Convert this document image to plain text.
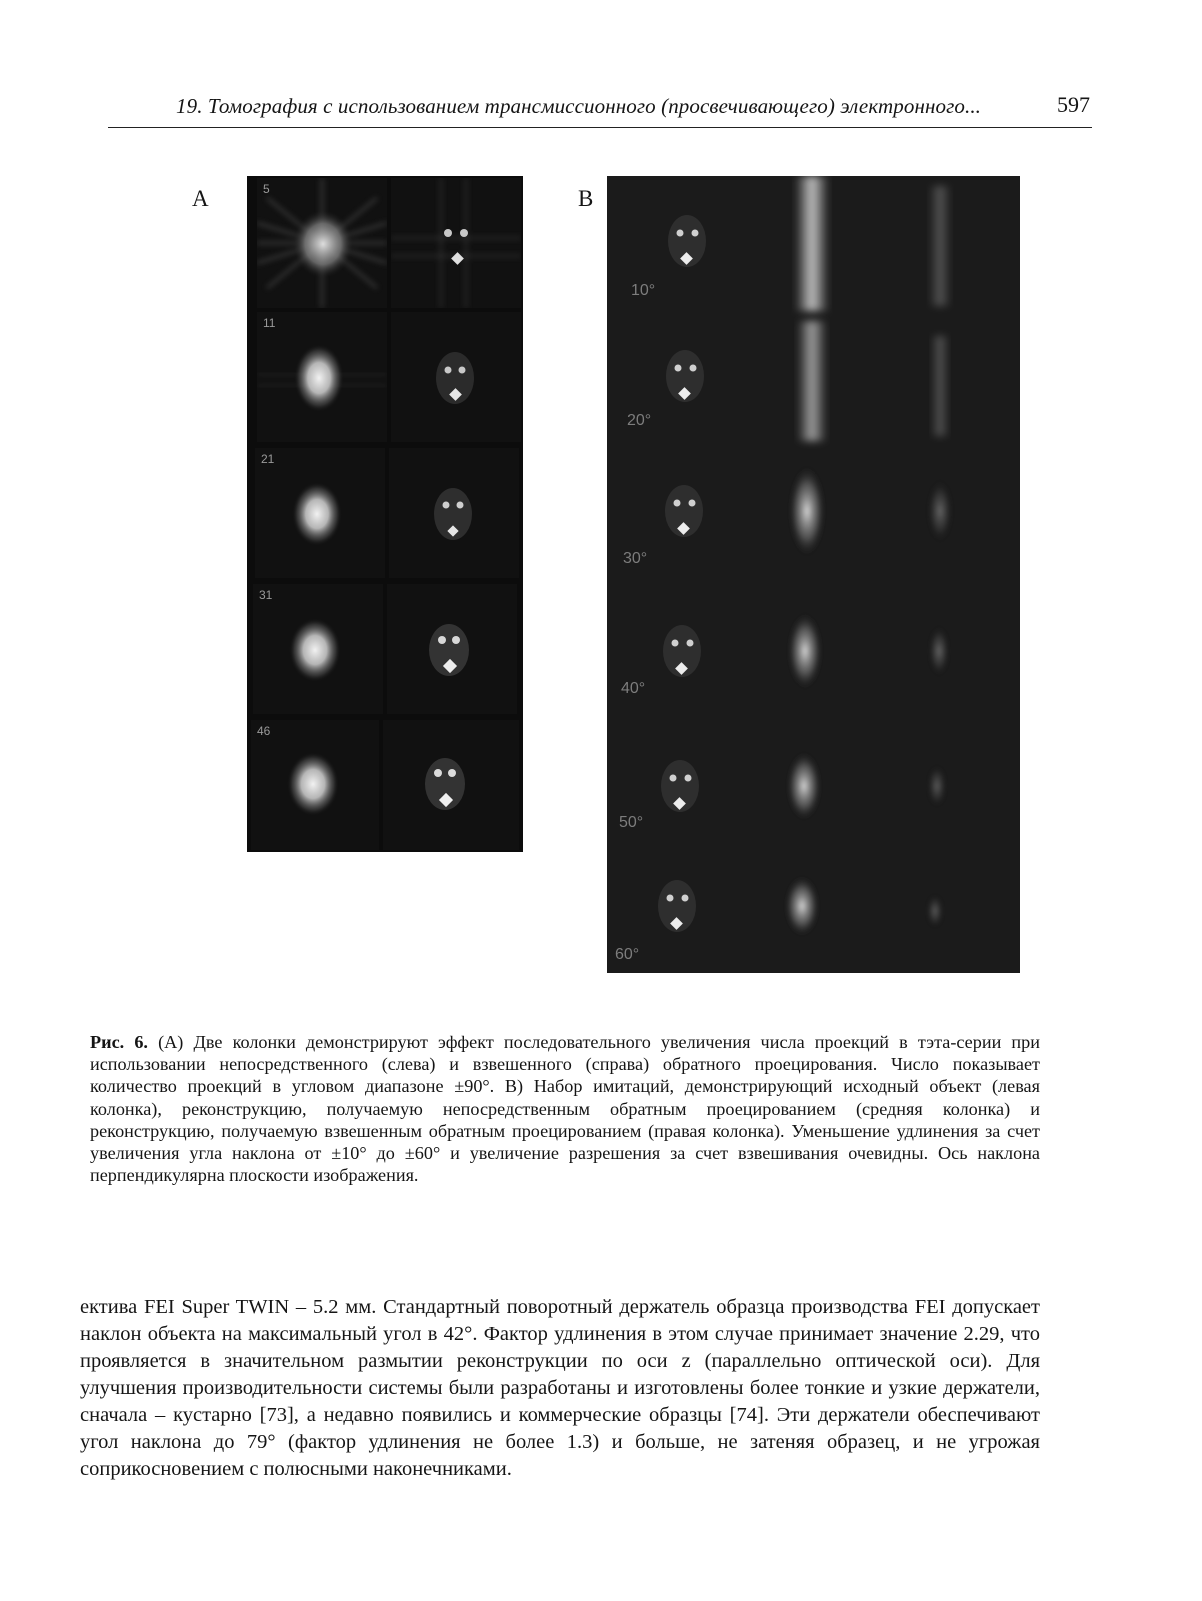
19. Томография с использованием трансмиссионного (просвечивающего) электронного...	597
A	5
11
21
31
46
B
10°
20°
30°
40°
50°
60°
Рис. 6. (А) Две колонки демонстрируют эффект последовательного увеличения числа проекций в тэта-серии при использовании непосредственного (слева) и взвешенного (справа) обратного проецирования. Число показывает количество проекций в угловом диапазоне ±90°. В) Набор имитаций, демонстрирующий исходный объект (левая колонка), реконструкцию, получаемую непосредственным обратным проецированием (средняя колонка) и реконструкцию, получаемую взвешенным обратным проецированием (правая колонка). Уменьшение удлинения за счет увеличения угла наклона от ±10° до ±60° и увеличение разрешения за счет взвешивания очевидны. Ось наклона перпендикулярна плоскости изображения.

ектива FEI Super TWIN – 5.2 мм. Стандартный поворотный держатель образца производства FEI допускает наклон объекта на максимальный угол в 42°. Фактор удлинения в этом случае принимает значение 2.29, что проявляется в значительном размытии реконструкции по оси z (параллельно оптической оси). Для улучшения производительности системы были разработаны и изготовлены более тонкие и узкие держатели, сначала – кустарно [73], а недавно появились и коммерческие образцы [74]. Эти держатели обеспечивают угол наклона до 79° (фактор удлинения не более 1.3) и больше, не затеняя образец, и не угрожая соприкосновением с полюсными наконечниками.
